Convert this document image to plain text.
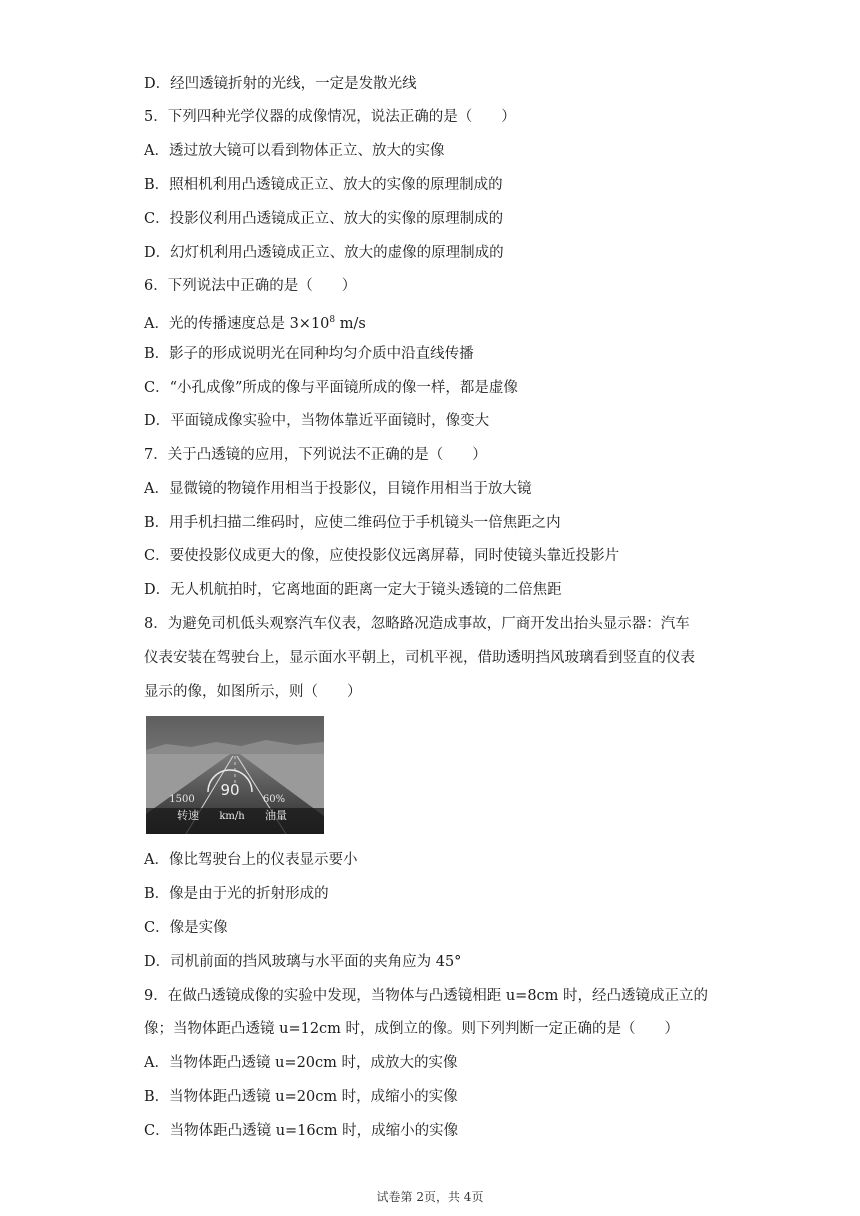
D．经凹透镜折射的光线，一定是发散光线
5．下列四种光学仪器的成像情况，说法正确的是（　　）
A．透过放大镜可以看到物体正立、放大的实像
B．照相机利用凸透镜成正立、放大的实像的原理制成的
C．投影仪利用凸透镜成正立、放大的实像的原理制成的
D．幻灯机利用凸透镜成正立、放大的虚像的原理制成的
6．下列说法中正确的是（　　）
A．光的传播速度总是 $3\times 10^8$ m/s
B．影子的形成说明光在同种均匀介质中沿直线传播
C．“小孔成像”所成的像与平面镜所成的像一样，都是虚像
D．平面镜成像实验中，当物体靠近平面镜时，像变大
7．关于凸透镜的应用，下列说法不正确的是（　　）
A．显微镜的物镜作用相当于投影仪，目镜作用相当于放大镜
B．用手机扫描二维码时，应使二维码位于手机镜头一倍焦距之内
C．要使投影仪成更大的像，应使投影仪远离屏幕，同时使镜头靠近投影片
D．无人机航拍时，它离地面的距离一定大于镜头透镜的二倍焦距
8．为避免司机低头观察汽车仪表，忽略路况造成事故，厂商开发出抬头显示器：汽车
仪表安装在驾驶台上，显示面水平朝上，司机平视，借助透明挡风玻璃看到竖直的仪表
显示的像，如图所示，则（　　）
90
1500	60%
转速 km/h 油量
A．像比驾驶台上的仪表显示要小
B．像是由于光的折射形成的
C．像是实像
D．司机前面的挡风玻璃与水平面的夹角应为 45°
9．在做凸透镜成像的实验中发现，当物体与凸透镜相距 u=8cm 时，经凸透镜成正立的
像；当物体距凸透镜 u=12cm 时，成倒立的像。则下列判断一定正确的是（　　）
A．当物体距凸透镜 u=20cm 时，成放大的实像
B．当物体距凸透镜 u=20cm 时，成缩小的实像
C．当物体距凸透镜 u=16cm 时，成缩小的实像
试卷第 2页，共 4页
